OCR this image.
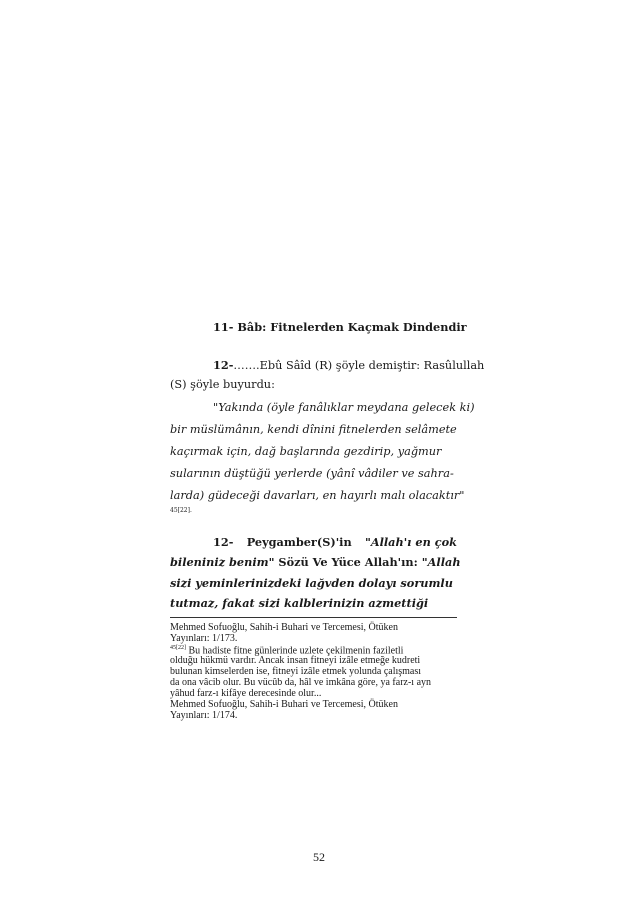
11- Bâb: Fitnelerden Kaçmak Dindendir
12-…….Ebû Sâîd (R) şöyle demiştir: Rasûlullah
(S) şöyle buyurdu:
"Yakında (öyle fanâlıklar meydana gelecek ki)
bir müslümânın, kendi dînini fitnelerden selâmete
kaçırmak için, dağ başlarında gezdirip, yağmur
sularının düştüğü yerlerde (yânî vâdiler ve sahra-
larda) güdeceği davarları, en hayırlı malı olacaktır"
45[22].
12- Peygamber(S)'in "Allah'ı en çok
bileniniz benim" Sözü Ve Yüce Allah'ın: "Allah
sizi yeminlerinizdeki lağvden dolayı sorumlu
tutmaz, fakat sizi kalblerinizin azmettiği
Mehmed Sofuoğlu, Sahih-i Buhari ve Tercemesi, Ötüken
Yayınları: 1/173.
$^{45[22]}$ Bu hadiste fitne günlerinde uzlete çekilmenin faziletli
olduğu hükmü vardır. Ancak insan fitneyi izâle etmeğe kudreti
bulunan kimselerden ise, fitneyi izâle etmek yolunda çalışması
da ona vâcib olur. Bu vücûb da, hâl ve imkâna göre, ya farz-ı ayn
yâhud farz-ı kifâye derecesinde olur...
Mehmed Sofuoğlu, Sahih-i Buhari ve Tercemesi, Ötüken
Yayınları: 1/174.
52
